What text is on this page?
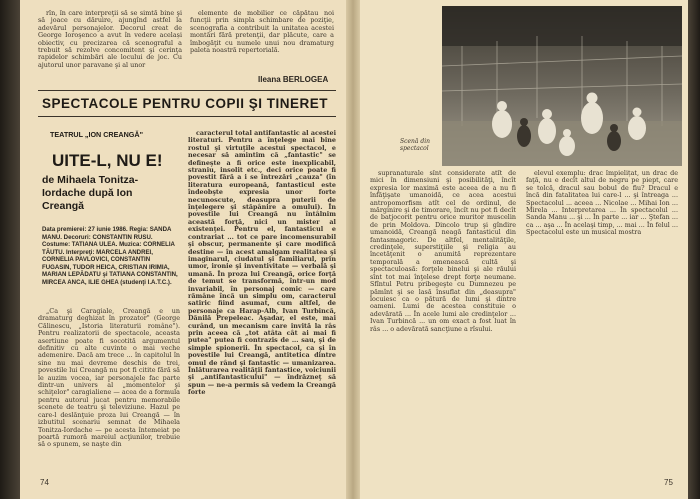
rîn, în care interpreţii să se simtă bine şi să joace cu dăruire, ajungînd astfel la adevărul personajelor. Decorul creat de George Ioroşenco a avut în vedere același obiectiv, cu precizarea că scenograful a trebuit să rezolve concomitent şi cerinţa rapidelor schimbări ale locului de joc. Cu ajutorul unor paravane şi al unor

elemente de mobilier ce căpătau noi funcţii prin simpla schimbare de poziţie, scenografia a contribuit la unitatea acestei montări fără pretenţii, dar plăcute, care a îmbogăţit cu numele unui nou dramaturg paleta noastră repertorială.

Ileana BERLOGEA
SPECTACOLE PENTRU COPII ŞI TINERET
TEATRUL „ION CREANGĂ"
UITE-L, NU E!
de Mihaela Tonitza-Iordache după Ion Creangă
Data premierei: 27 iunie 1986. Regia: SANDA MANU. Decoruri: CONSTANTIN RUSU. Costume: TATIANA ULEA. Muzica: CORNELIA TĂUTU. Interpreţi: MARCELA ANDREI, CORNELIA PAVLOVICI, CONSTANTIN FUGASIN, TUDOR HEICA, CRISTIAN IRIMIA, MARIAN LEPĂDATU şi TATIANA CONSTANTIN, MIRCEA ANCA, ILIE GHEA (studenţi I.A.T.C.).

„Ca şi Caragiale, Creangă e un dramaturg deghizat în prozator" (George Călinescu, „Istoria literaturii române"). Pentru realizatorii de spectacole, aceasta asertiune poate fi socotită argumentul definitiv cu alte cuvinte o mai veche ademenire. Dacă am trece ... în capitolul în sine nu mai devreme deschis de trei, povestile lui Creangă nu pot fi citite fără să le auzim vocea, iar personajele fac parte dintr-un univers al „momentelor şi schiţelor" caragialiene — acea de a formula pentru autorul jucat pentru memorabile scenete de teatru şi televiziune. Hazul pe care-l deslănţuie proza lui Creangă — în izbutitul scenariu semnat de Mihaela Tonitza-Iordache — pe acesta întemeiat pe poartă rumoră mareiul acţiunilor, trebuie să o spunem, se naşte din

caracterul total antifantastic al acestei literaturi. Pentru a înţelege mai bine rostul şi virtuţile acestui spectacol, e necesar să amintim că „fantastic" se defineşte a fi orice este inexplicabil, straniu, insolit etc., deci orice poate fi povestit fără a i se întrezări „cauza" (în literatura europeană, fantasticul este îndeobşte expresia unor forte necunoscute, deasupra puterii de înţelegere şi stăpânire a omului). În povestile lui Creangă nu întâlnim această forţă, nici un mister al existenţei. Pentru el, fantasticul e contrariat ... tot ce pare incomensurabil şi obscur, permanente şi care modifică destine — în acest amalgam realitatea şi imaginarul, ciudatul şi familiarul, prin umor, ironie şi inventivitate — verbală şi umană. În proza lui Creangă, orice forţă de temut se transformă, într-un mod invariabil, în personaj comic — care rămâne încă un simplu om, caracterul satiric fiind asumat, cum altfel, de personaje ca Harap-Alb, Ivan Turbincă, Dănilă Prepeleac. Aşadar, el este, mai curând, un mecanism care invită la râs prin aceea că „tot atâta cât ai mai fi putea" putea fi contrazis de ... sau, şi de simple spionerii. În spectacol, ca şi în povestile lui Creangă, antitetica dintre omul de rând şi fantastic — umanizarea. Înlăturarea realităţii fantastice, voiciunii şi „antifantasticului" — îndrăzneţ să spun — ne-a permis să vedem la Creangă forte

74
Scenă din spectacol

supranaturale sînt considerate atît de mici în dimensiuni şi posibilităţi, încît expresia lor maximă este aceea de a nu fi înfăţişate umanoidă, ce acea acestui antropomorfism atît cel de ordinul, de mărginire şi de timorare, încît nu pot fi decît de batjocorit pentru orice muritor muscelin de prin Moldova. Dincolo trup şi gîndire umanoidă, Creangă neagă fantasticul din fantasmagoric. De altfel, mentalităţile, credinţele, superstiţiile şi religia au încetăţenit o anumită reprezentare temporală a omenească cultă şi spectaculoasă: forţele binelui şi ale răului sînt tot mai înţelese drept forţe neumane. Sfîntul Petru pribegeşte cu Dumnezeu pe pămînt şi se lasă însuflat din „deasupra" locuiesc ca o pătură de lumi şi dintre oameni. Lumi de acestea constituie o adevărată ... În acele lumi ale credinţelor ... Ivan Turbincă ... un om exact a fost luat în râs ... o adevărată sancţiune a rîsului.

elevul exemplu: drac împielițat, un drac de faţă, nu e decît altul de negru pe piept, care se tolcă, dracul sau bobul de fiu? Dracul e încă din fatalitatea lui care-l ... şi întreaga ... Spectacolul ... aceea ... Nicolae ... Mihai Ion ... Mirela ... Interpretarea ... În spectacolul ... Sanda Manu ... şi ... În parte ... iar ... Ştefan ... ca ... aşa ... În acelaşi timp, ... mai ... În felul ... Spectacolul este un musical mostra

75
